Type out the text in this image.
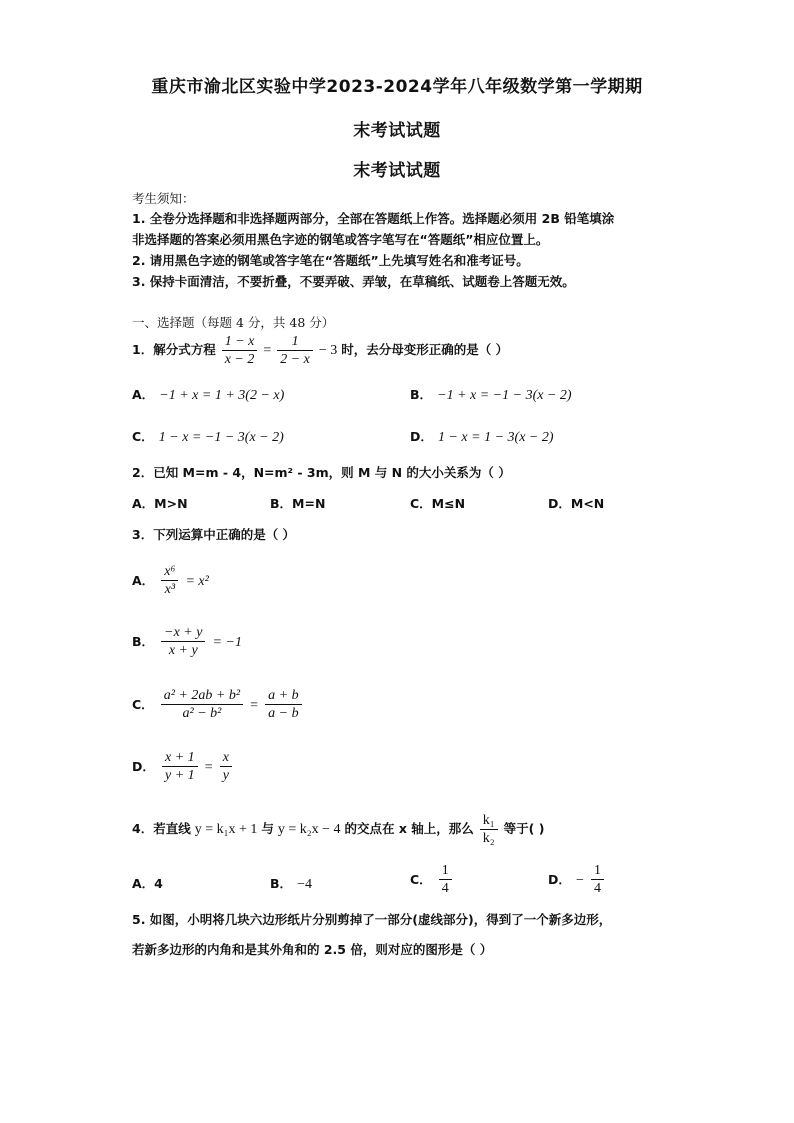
重庆市渝北区实验中学2023-2024学年八年级数学第一学期期
末考试试题
末考试试题
考生须知：
1. 全卷分选择题和非选择题两部分，全部在答题纸上作答。选择题必须用 2B 铅笔填涂
非选择题的答案必须用黑色字迹的钢笔或答字笔写在“答题纸”相应位置上。
2. 请用黑色字迹的钢笔或答字笔在“答题纸”上先填写姓名和准考证号。
3. 保持卡面清洁，不要折叠，不要弄破、弄皱，在草稿纸、试题卷上答题无效。
一、选择题（每题 4 分，共 48 分）
1．解分式方程 $\frac{1 - x}{x - 2} = \frac{1}{2 - x} - 3$ 时，去分母变形正确的是（ ）
A． −1 + x = 1 + 3(2 − x)	B． −1 + x = −1 − 3(x − 2)
C． 1 − x = −1 − 3(x − 2)	D． 1 − x = 1 − 3(x − 2)
2．已知 M=m - 4，N=m² - 3m，则 M 与 N 的大小关系为（ ）
A．M>N	B．M=N	C．M≤N	D．M<N
3．下列运算中正确的是（ ）
A． $\frac{\text{x⁶}}{\text{x³}} = x^2$
B． $\frac{-x + y}{x + y} = -1$
C． $\frac{\text{a² + 2ab + b²}}{\text{a² − b²}} = \frac{a + b}{a - b}$
D． $\frac{x + 1}{y + 1} = \frac{x}{y}$
4．若直线 y = k₁x + 1 与 y = k₂x − 4 的交点在 x 轴上，那么 $\frac{\text{k₁}}{\text{k₂}}$ 等于( )
A．4	B． −4	C． $\frac{1}{4}$	D． − $\frac{1}{4}$
5. 如图，小明将几块六边形纸片分别剪掉了一部分(虚线部分)，得到了一个新多边形，
若新多边形的内角和是其外角和的 2.5 倍，则对应的图形是（ ）
